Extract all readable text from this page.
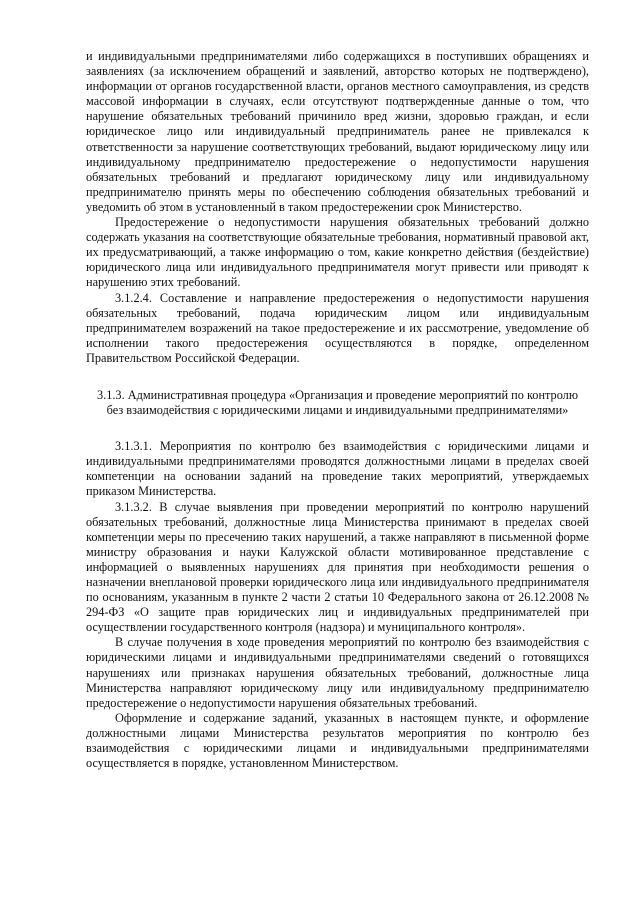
и индивидуальными предпринимателями либо содержащихся в поступивших обращениях и заявлениях (за исключением обращений и заявлений, авторство которых не подтверждено), информации от органов государственной власти, органов местного самоуправления, из средств массовой информации в случаях, если отсутствуют подтвержденные данные о том, что нарушение обязательных требований причинило вред жизни, здоровью граждан, и если юридическое лицо или индивидуальный предприниматель ранее не привлекался к ответственности за нарушение соответствующих требований, выдают юридическому лицу или индивидуальному предпринимателю предостережение о недопустимости нарушения обязательных требований и предлагают юридическому лицу или индивидуальному предпринимателю принять меры по обеспечению соблюдения обязательных требований и уведомить об этом в установленный в таком предостережении срок Министерство.

Предостережение о недопустимости нарушения обязательных требований должно содержать указания на соответствующие обязательные требования, нормативный правовой акт, их предусматривающий, а также информацию о том, какие конкретно действия (бездействие) юридического лица или индивидуального предпринимателя могут привести или приводят к нарушению этих требований.

3.1.2.4. Составление и направление предостережения о недопустимости нарушения обязательных требований, подача юридическим лицом или индивидуальным предпринимателем возражений на такое предостережение и их рассмотрение, уведомление об исполнении такого предостережения осуществляются в порядке, определенном Правительством Российской Федерации.

3.1.3. Административная процедура «Организация и проведение мероприятий по контролю без взаимодействия с юридическими лицами и индивидуальными предпринимателями»

3.1.3.1. Мероприятия по контролю без взаимодействия с юридическими лицами и индивидуальными предпринимателями проводятся должностными лицами в пределах своей компетенции на основании заданий на проведение таких мероприятий, утверждаемых приказом Министерства.

3.1.3.2. В случае выявления при проведении мероприятий по контролю нарушений обязательных требований, должностные лица Министерства принимают в пределах своей компетенции меры по пресечению таких нарушений, а также направляют в письменной форме министру образования и науки Калужской области мотивированное представление с информацией о выявленных нарушениях для принятия при необходимости решения о назначении внеплановой проверки юридического лица или индивидуального предпринимателя по основаниям, указанным в пункте 2 части 2 статьи 10 Федерального закона от 26.12.2008 № 294-ФЗ «О защите прав юридических лиц и индивидуальных предпринимателей при осуществлении государственного контроля (надзора) и муниципального контроля».

В случае получения в ходе проведения мероприятий по контролю без взаимодействия с юридическими лицами и индивидуальными предпринимателями сведений о готовящихся нарушениях или признаках нарушения обязательных требований, должностные лица Министерства направляют юридическому лицу или индивидуальному предпринимателю предостережение о недопустимости нарушения обязательных требований.

Оформление и содержание заданий, указанных в настоящем пункте, и оформление должностными лицами Министерства результатов мероприятия по контролю без взаимодействия с юридическими лицами и индивидуальными предпринимателями осуществляется в порядке, установленном Министерством.
